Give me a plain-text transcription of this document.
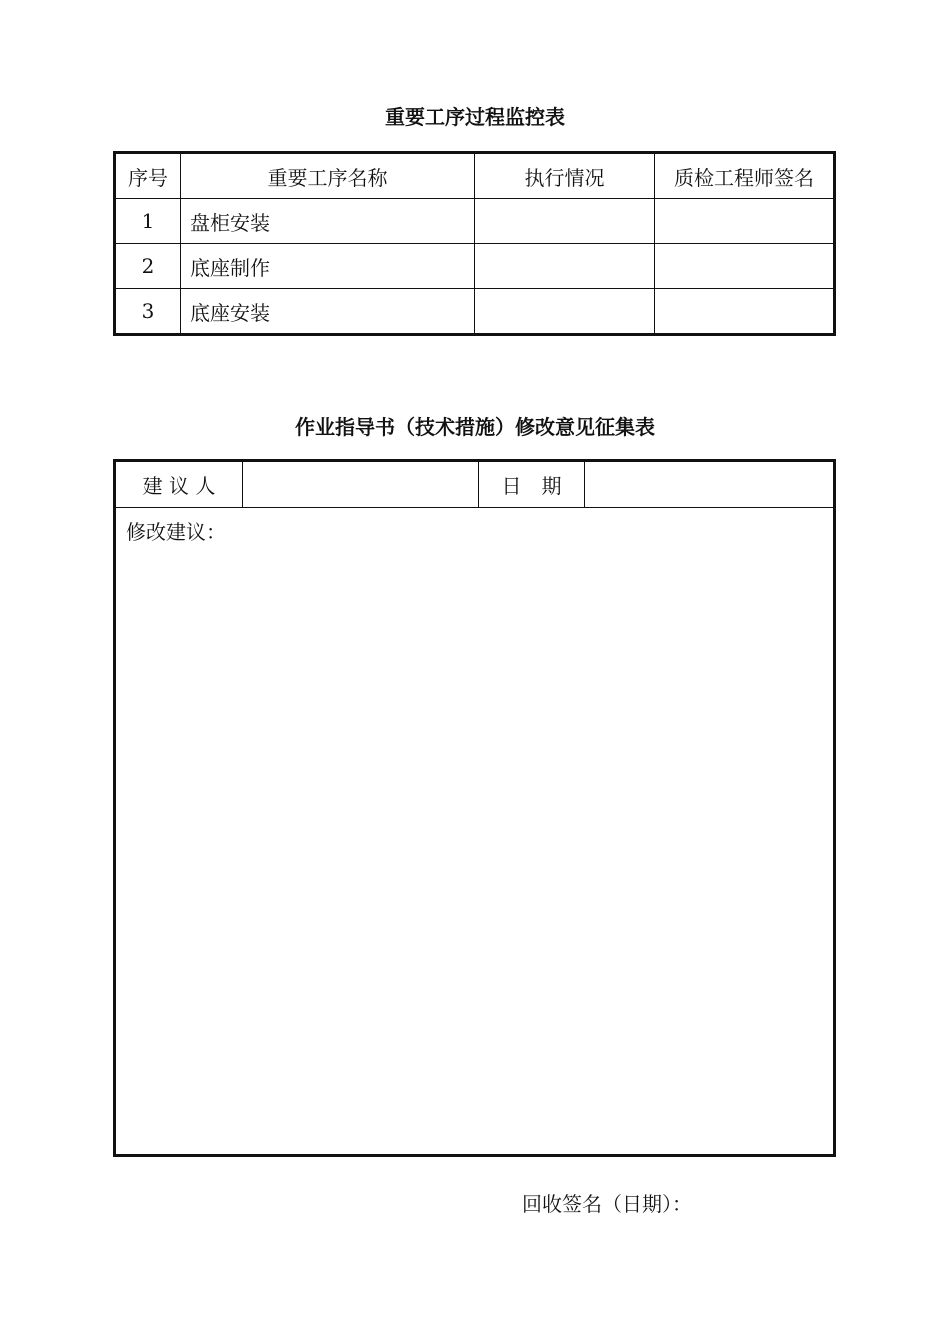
重要工序过程监控表
序号	重要工序名称	执行情况	质检工程师签名
1	盘柜安装		
2	底座制作		
3	底座安装		
作业指导书（技术措施）修改意见征集表
建 议 人		日　期	
修改建议：
回收签名（日期）：
